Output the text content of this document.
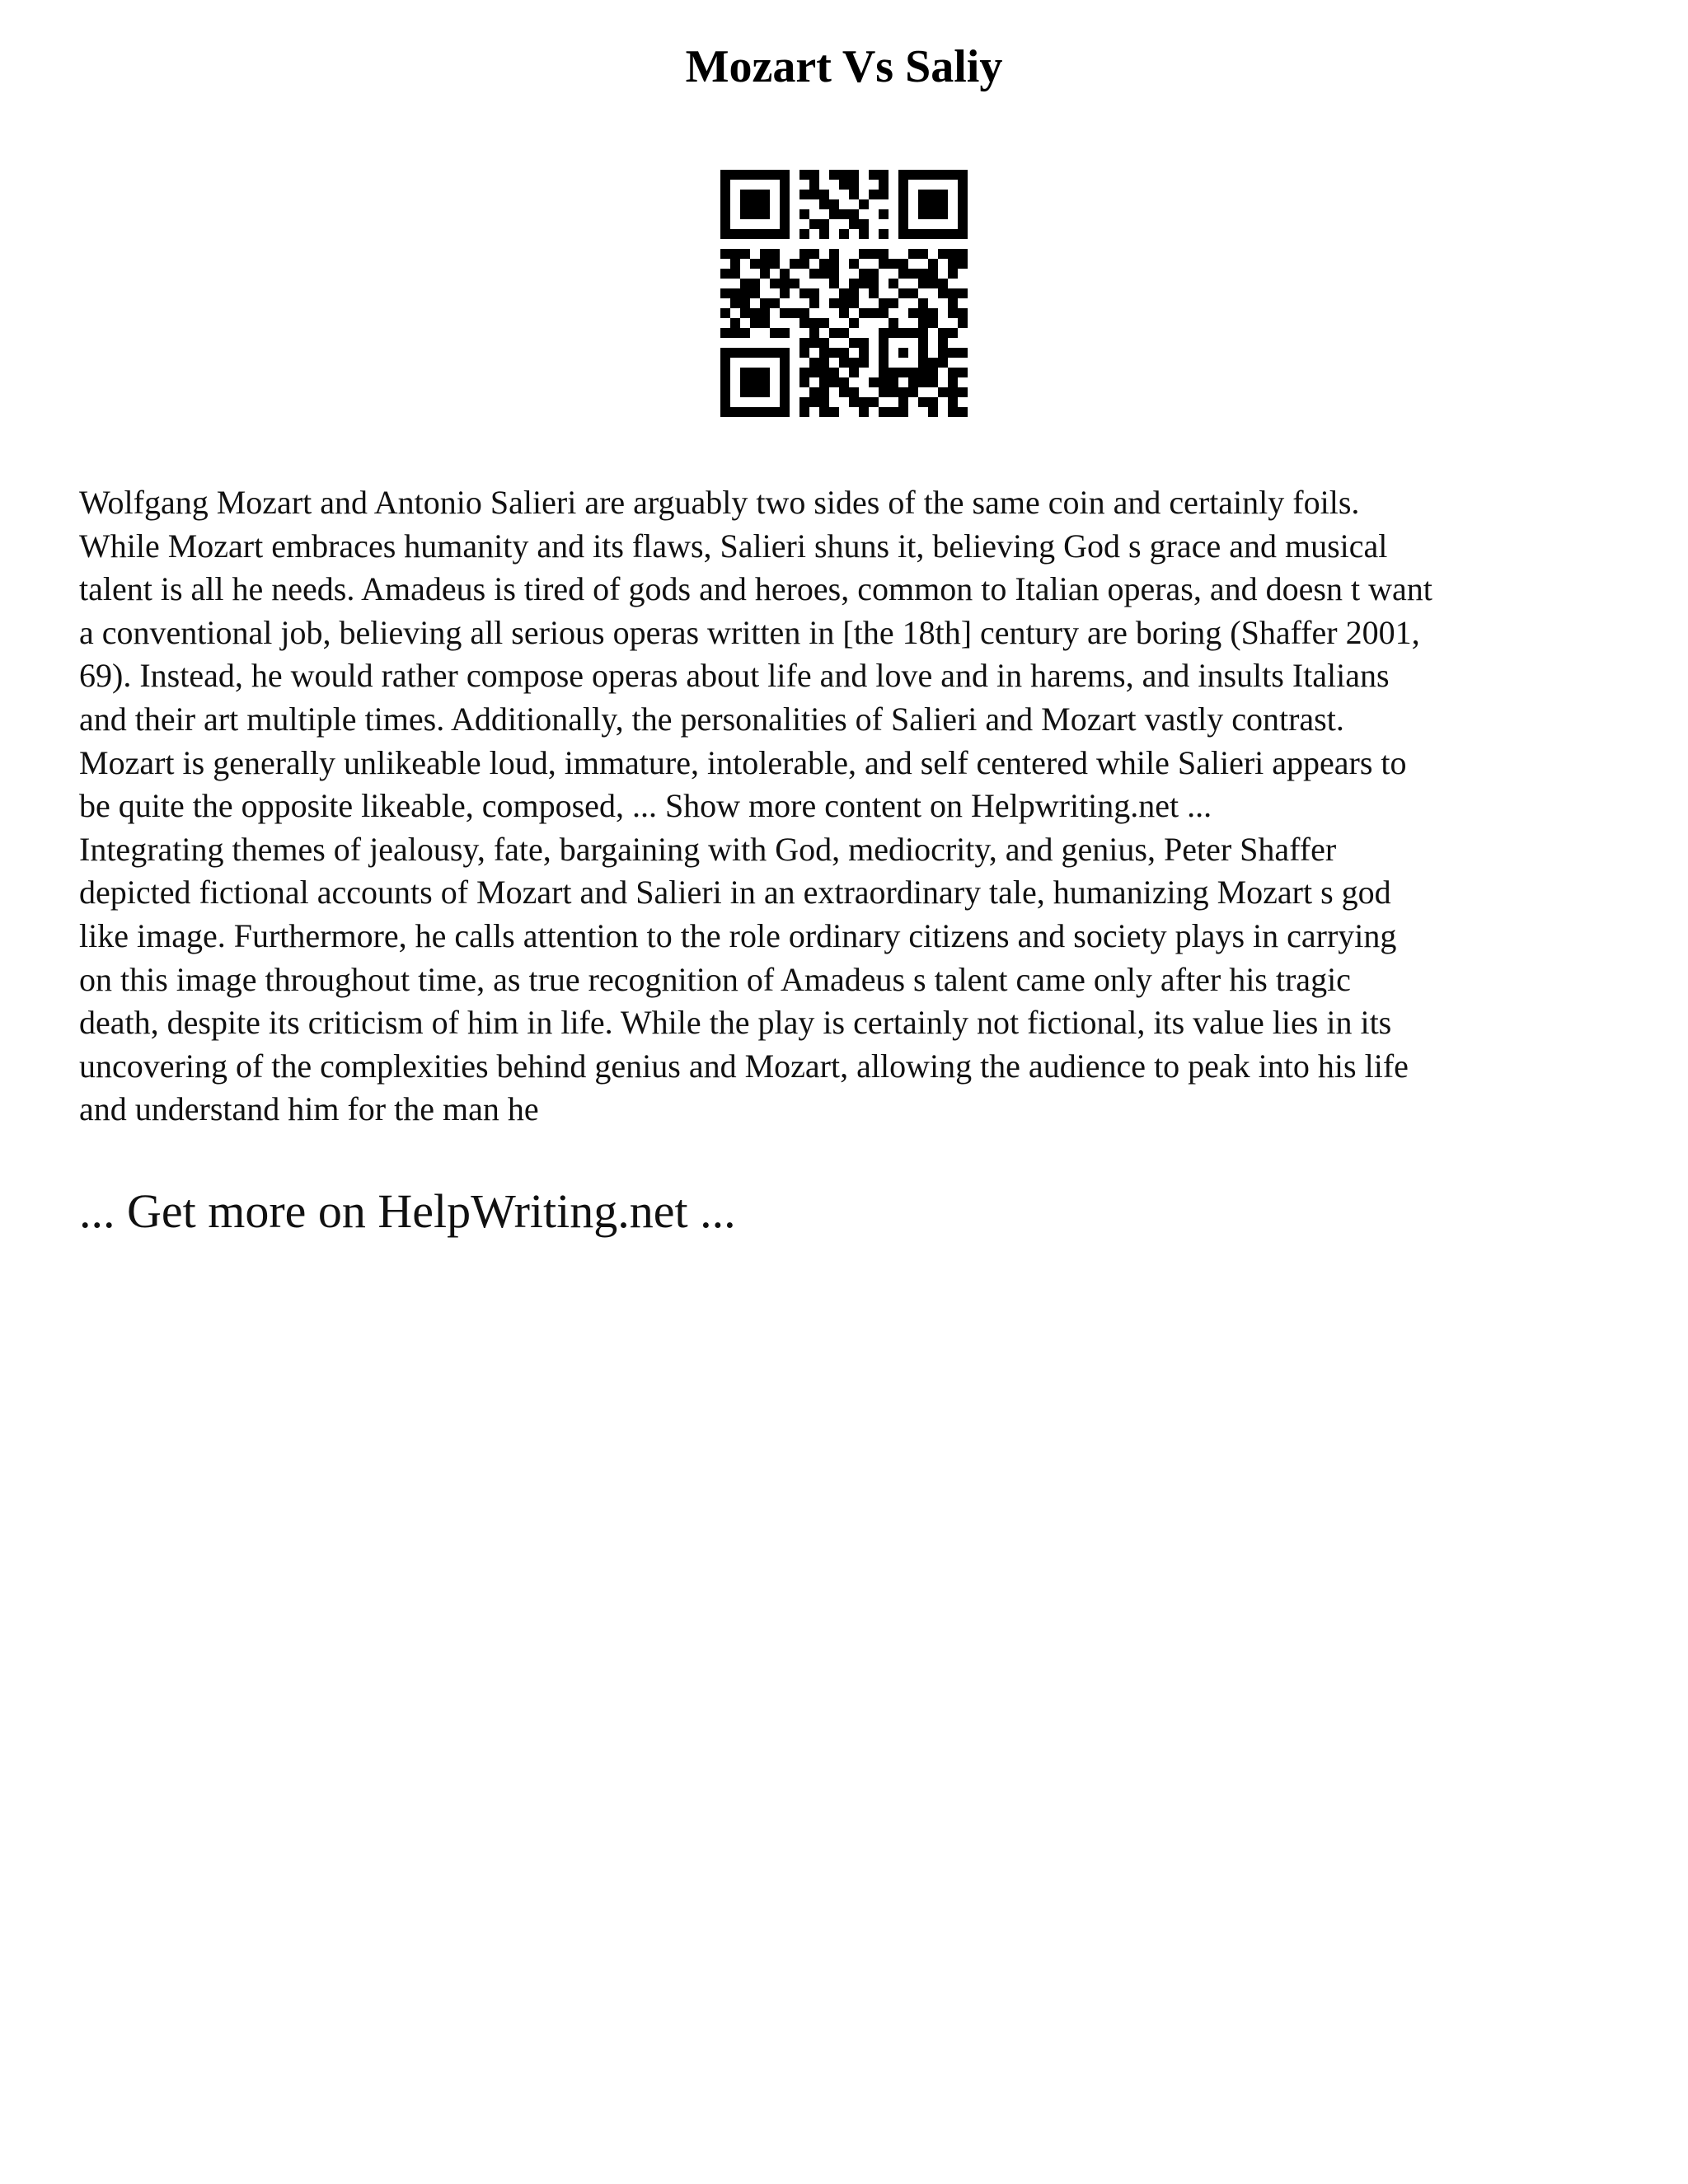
Mozart Vs Saliy

Wolfgang Mozart and Antonio Salieri are arguably two sides of the same coin and certainly foils.
While Mozart embraces humanity and its flaws, Salieri shuns it, believing God s grace and musical
talent is all he needs. Amadeus is tired of gods and heroes, common to Italian operas, and doesn t want
a conventional job, believing all serious operas written in [the 18th] century are boring (Shaffer 2001,
69). Instead, he would rather compose operas about life and love and in harems, and insults Italians
and their art multiple times. Additionally, the personalities of Salieri and Mozart vastly contrast.
Mozart is generally unlikeable loud, immature, intolerable, and self centered while Salieri appears to
be quite the opposite likeable, composed, ... Show more content on Helpwriting.net ...
Integrating themes of jealousy, fate, bargaining with God, mediocrity, and genius, Peter Shaffer
depicted fictional accounts of Mozart and Salieri in an extraordinary tale, humanizing Mozart s god
like image. Furthermore, he calls attention to the role ordinary citizens and society plays in carrying
on this image throughout time, as true recognition of Amadeus s talent came only after his tragic
death, despite its criticism of him in life. While the play is certainly not fictional, its value lies in its
uncovering of the complexities behind genius and Mozart, allowing the audience to peak into his life
and understand him for the man he

... Get more on HelpWriting.net ...
